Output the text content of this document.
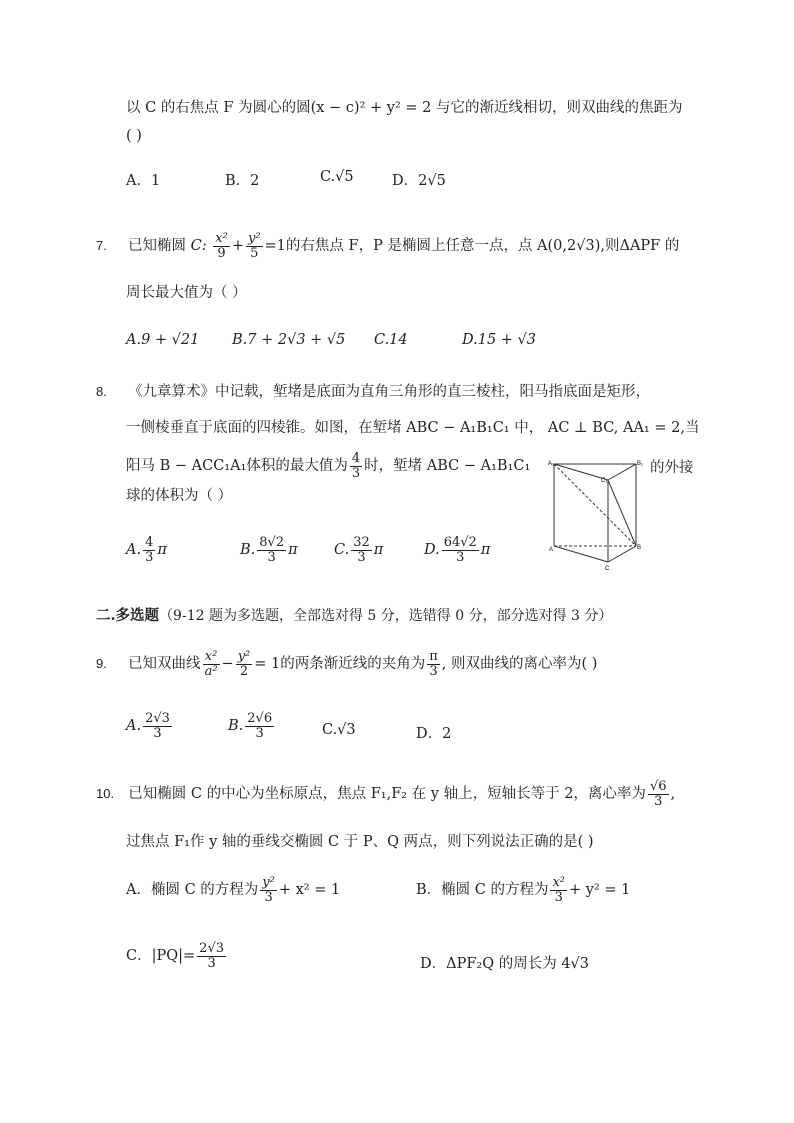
以 C 的右焦点 F 为圆心的圆(x − c)² + y² = 2 与它的渐近线相切，则双曲线的焦距为
( )
A．1	B．2	C.√5	D．2√5
7. 已知椭圆 C: $\frac{\text{x²}}{9} + \frac{\text{y²}}{5} =1$的右焦点 F，P 是椭圆上任意一点，点 A(0,2√3),则ΔAPF 的
周长最大值为（ ）
A.9 + √21 B.7 + 2√3 + √5 C.14	D.15 + √3
8. 《九章算术》中记载，堑堵是底面为直角三角形的直三棱柱，阳马指底面是矩形，
一侧棱垂直于底面的四棱锥。如图，在堑堵 ABC − A₁B₁C₁ 中， AC ⊥ BC, AA₁ = 2,当
阳马 B − ACC₁A₁体积的最大值为 $\frac{4}{3}$ 时，堑堵 ABC − A₁B₁C₁	的外接
球的体积为（ ）
A₁	B₁
C₁
A	B
C
A. $\frac{4}{3}$ π	B. $\frac{8√2}{3}$ π	C. $\frac{32}{3}$ π	D. $\frac{64√2}{3}$ π
二.多选题（9-12 题为多选题，全部选对得 5 分，选错得 0 分，部分选对得 3 分）
9. 已知双曲线 $\frac{\text{x²}}{\text{a²}} - \frac{\text{y²}}{2} = 1$的两条渐近线的夹角为 $\frac{\pi}{3}$ , 则双曲线的离心率为( )
A. $\frac{2√3}{3}$	B. $\frac{2√6}{3}$	C.√3	D．2
10. 已知椭圆 C 的中心为坐标原点，焦点 F₁,F₂ 在 y 轴上，短轴长等于 2，离心率为 $\frac{√6}{3}$ ,
过焦点 F₁作 y 轴的垂线交椭圆 C 于 P、Q 两点，则下列说法正确的是( )
A．椭圆 C 的方程为 $\frac{\text{y²}}{3} + x^2 = 1$	B．椭圆 C 的方程为 $\frac{\text{x²}}{3} + y^2 = 1$
C．$|PQ|= \frac{2√3}{3}$	D．ΔPF₂Q 的周长为 4√3
